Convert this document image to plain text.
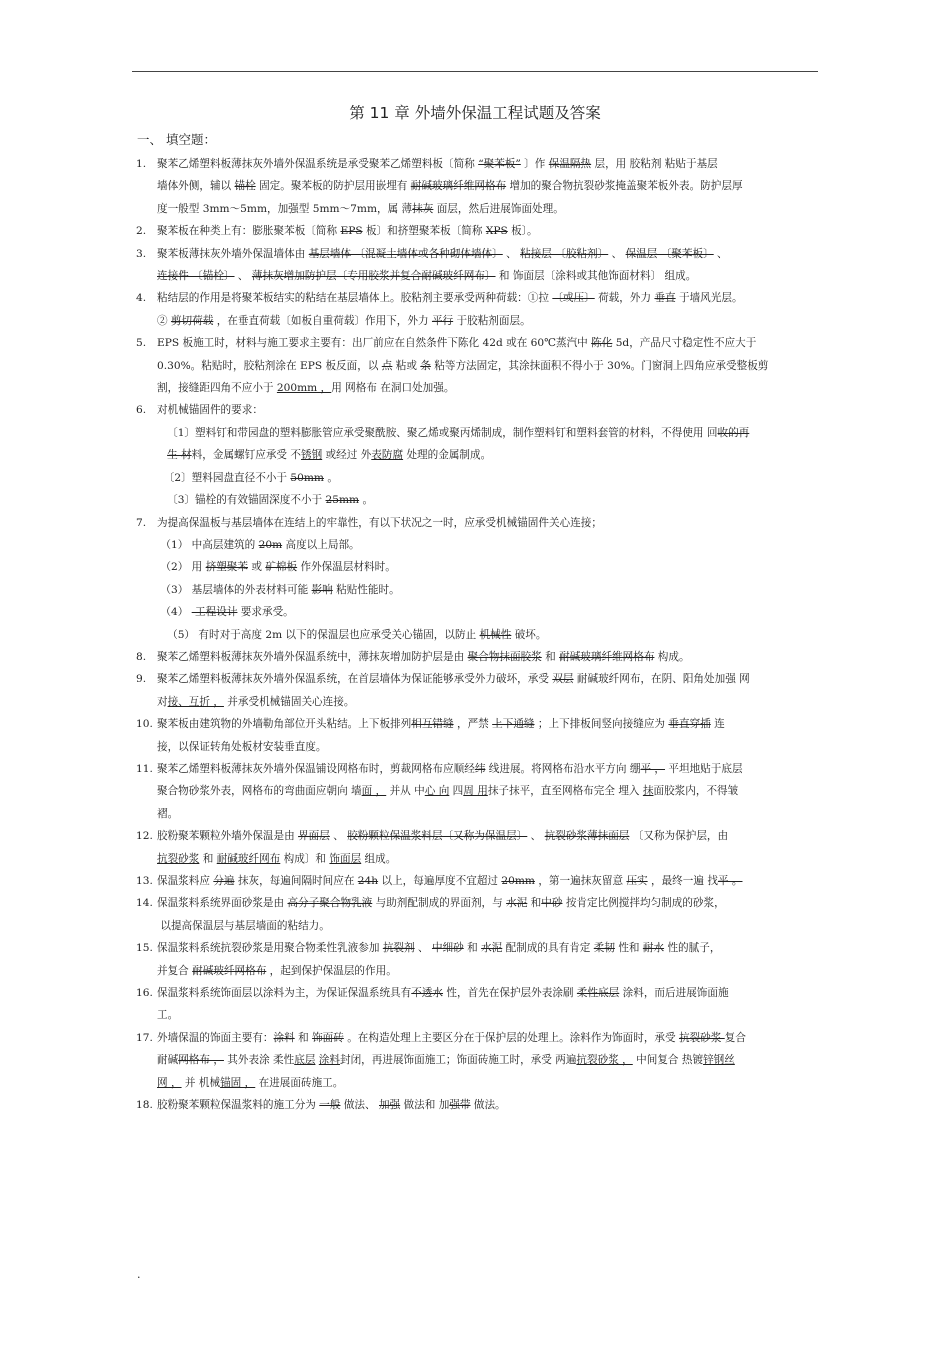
第 11 章 外墙外保温工程试题及答案
一、 填空题：
1. 聚苯乙烯塑料板薄抹灰外墙外保温系统是承受聚苯乙烯塑料板〔简称 “聚苯板” 〕作 保温隔热 层，用 胶粘剂 粘贴于基层
墙体外侧，辅以 锚栓 固定。聚苯板的防护层用嵌埋有 耐碱玻璃纤维网格布 增加的聚合物抗裂砂浆掩盖聚苯板外表。防护层厚
度一般型 3mm～5mm，加强型 5mm～7mm，属 薄抹灰 面层，然后进展饰面处理。
2. 聚苯板在种类上有：膨胀聚苯板〔简称 EPS 板〕和挤塑聚苯板〔简称 XPS 板〕。
3. 聚苯板薄抹灰外墙外保温墙体由 基层墙体 〔混凝土墙体或各种砌体墙体〕 、 粘接层 〔胶粘剂〕 、 保温层 〔聚苯板〕 、
连接件 〔锚栓〕 、 薄抹灰增加防护层〔专用胶浆并复合耐碱玻纤网布〕 和 饰面层〔涂料或其他饰面材料〕 组成。
4. 粘结层的作用是将聚苯板结实的粘结在基层墙体上。胶粘剂主要承受两种荷载：①拉 〔或压〕 荷载，外力 垂直 于墙风光层。
② 剪切荷载 ，在垂直荷载〔如板自重荷载〕作用下，外力 平行 于胶粘剂面层。
5. EPS 板施工时，材料与施工要求主要有：出厂前应在自然条件下陈化 42d 或在 60℃蒸汽中 陈化 5d，产品尺寸稳定性不应大于
0.30%。粘贴时，胶粘剂涂在 EPS 板反面，以 点 粘或 条 粘等方法固定，其涂抹面积不得小于 30%。门窗洞上四角应承受整板剪
割，接缝距四角不应小于 200mm ，用 网格布 在洞口处加强。
6. 对机械锚固件的要求：
〔1〕塑料钉和带园盘的塑料膨胀管应承受聚酰胺、聚乙烯或聚丙烯制成，制作塑料钉和塑料套管的材料，不得使用 回收的再
生 材料，金属螺钉应承受 不锈钢 或经过 外表防腐 处理的金属制成。
〔2〕塑料园盘直径不小于 50mm 。
〔3〕锚栓的有效锚固深度不小于 25mm 。
7. 为提高保温板与基层墙体在连结上的牢靠性，有以下状况之一时，应承受机械锚固件关心连接；
（1） 中高层建筑的 20m 高度以上局部。
（2） 用 挤塑聚苯 或 矿棉板 作外保温层材料时。
（3） 基层墙体的外表材料可能 影响 粘贴性能时。
（4）  工程设计 要求承受。
（5） 有时对于高度 2m 以下的保温层也应承受关心锚固，以防止 机械性 破坏。
8. 聚苯乙烯塑料板薄抹灰外墙外保温系统中，薄抹灰增加防护层是由 聚合物抹面胶浆 和 耐碱玻璃纤维网格布 构成。
9. 聚苯乙烯塑料板薄抹灰外墙外保温系统，在首层墙体为保证能够承受外力破坏，承受 双层 耐碱玻纤网布，在阴、阳角处加强 网
对接、互折 ， 并承受机械锚固关心连接。
10. 聚苯板由建筑物的外墙勒角部位开头粘结。上下板排列相互错缝 ，严禁 上下通缝 ；上下排板间竖向接缝应为 垂直穿插 连
接，以保证转角处板材安装垂直度。
11. 聚苯乙烯塑料板薄抹灰外墙外保温铺设网格布时，剪裁网格布应顺经纬 线进展。将网格布沿水平方向 绷平 ， 平坦地贴于底层
聚合物砂浆外表，网格布的弯曲面应朝向 墙面 ， 并从 中心 向 四周 用抹子抹平，直至网格布完全 埋入 抹面胶浆内，不得皱
褶。
12. 胶粉聚苯颗粒外墙外保温是由 界面层 、 胶粉颗粒保温浆料层〔又称为保温层〕 、 抗裂砂浆薄抹面层 〔又称为保护层，由
抗裂砂浆 和 耐碱玻纤网布 构成〕和 饰面层 组成。
13. 保温浆料应 分遍 抹灰，每遍间隔时间应在 24h 以上，每遍厚度不宜超过 20mm ，第一遍抹灰留意 压实 ，最终一遍 找平 。
14. 保温浆料系统界面砂浆是由 高分子聚合物乳液 与助剂配制成的界面剂，与 水泥 和中砂 按肯定比例搅拌均匀制成的砂浆，
以提高保温层与基层墙面的粘结力。
15. 保温浆料系统抗裂砂浆是用聚合物柔性乳液参加 抗裂剂 、 中细砂 和 水泥 配制成的具有肯定 柔韧 性和 耐水 性的腻子，
并复合 耐碱玻纤网格布 ，起到保护保温层的作用。
16. 保温浆料系统饰面层以涂料为主，为保证保温系统具有不透水 性，首先在保护层外表涂刷 柔性底层 涂料，而后进展饰面施
工。
17. 外墙保温的饰面主要有：涂料 和 饰面砖 。在构造处理上主要区分在于保护层的处理上。涂料作为饰面时，承受 抗裂砂浆 复合
耐碱网格布 ， 其外表涂 柔性底层 涂料封闭，再进展饰面施工；饰面砖施工时，承受 两遍抗裂砂浆 ， 中间复合 热镀锌钢丝
网 ， 并 机械锚固 ， 在进展面砖施工。
18. 胶粉聚苯颗粒保温浆料的施工分为 一般 做法、 加强 做法和 加强带 做法。
.
